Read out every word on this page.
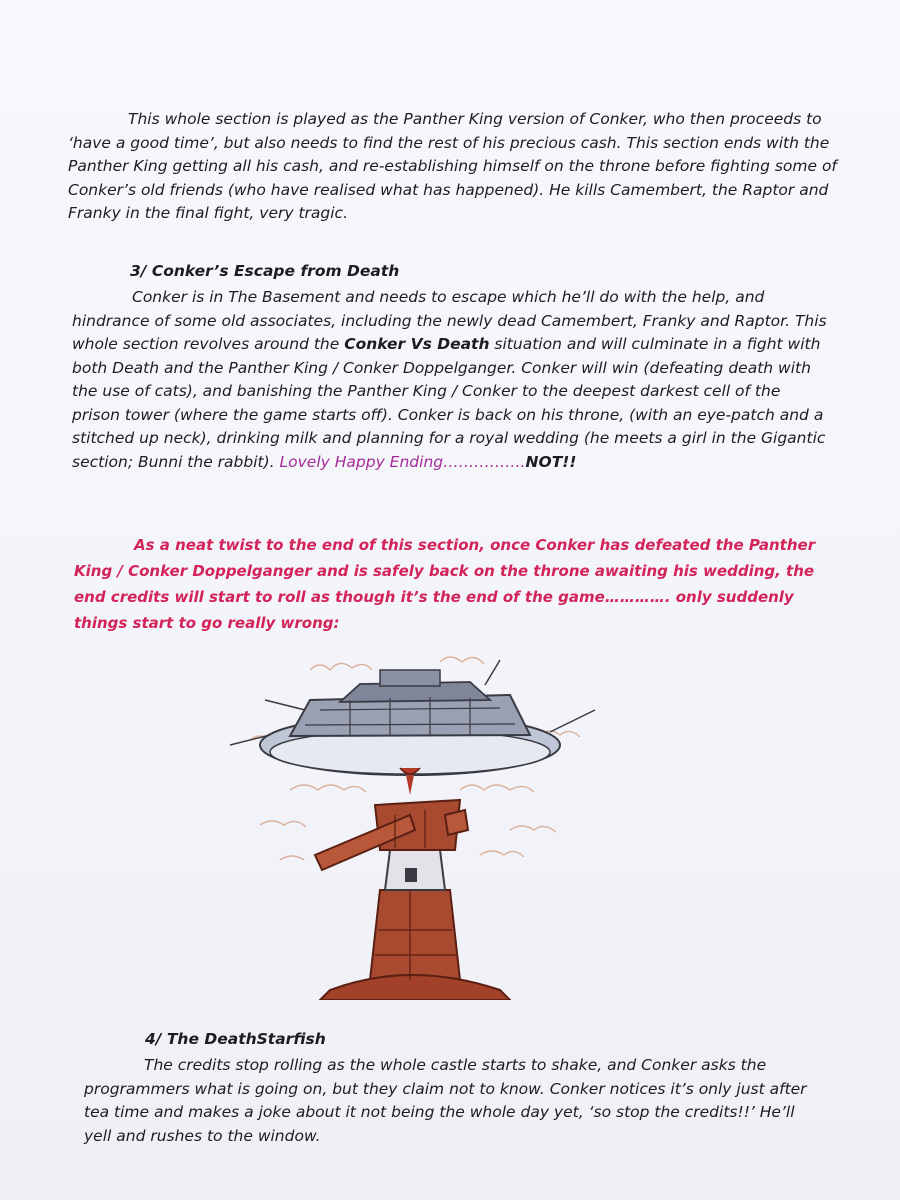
This whole section is played as the Panther King version of Conker, who then proceeds to ‘have a good time’, but also needs to find the rest of his precious cash. This section ends with the Panther King getting all his cash, and re-establishing himself on the throne before fighting some of Conker’s old friends (who have realised what has happened). He kills Camembert, the Raptor and Franky in the final fight, very tragic.

3/ Conker’s Escape from Death

Conker is in The Basement and needs to escape which he’ll do with the help, and hindrance of some old associates, including the newly dead Camembert, Franky and Raptor. This whole section revolves around the Conker Vs Death situation and will culminate in a fight with both Death and the Panther King / Conker Doppelganger. Conker will win (defeating death with the use of cats), and banishing the Panther King / Conker to the deepest darkest cell of the prison tower (where the game starts off). Conker is back on his throne, (with an eye-patch and a stitched up neck), drinking milk and planning for a royal wedding (he meets a girl in the Gigantic section; Bunni the rabbit). Lovely Happy Ending…………….NOT!!

As a neat twist to the end of this section, once Conker has defeated the Panther King / Conker Doppelganger and is safely back on the throne awaiting his wedding, the end credits will start to roll as though it’s the end of the game…………. only suddenly things start to go really wrong:

4/ The DeathStarfish

The credits stop rolling as the whole castle starts to shake, and Conker asks the programmers what is going on, but they claim not to know. Conker notices it’s only just after tea time and makes a joke about it not being the whole day yet, ‘so stop the credits!!’ He’ll yell and rushes to the window.
